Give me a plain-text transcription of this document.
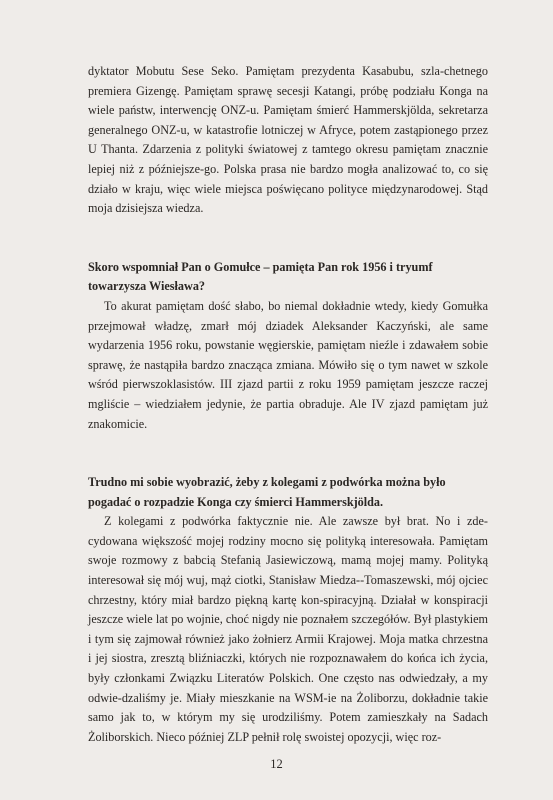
dyktator Mobutu Sese Seko. Pamiętam prezydenta Kasabubu, szla-chetnego premiera Gizengę. Pamiętam sprawę secesji Katangi, próbę podziału Konga na wiele państw, interwencję ONZ-u. Pamiętam śmierć Hammerskjölda, sekretarza generalnego ONZ-u, w katastrofie lotniczej w Afryce, potem zastąpionego przez U Thanta. Zdarzenia z polityki światowej z tamtego okresu pamiętam znacznie lepiej niż z późniejsze-go. Polska prasa nie bardzo mogła analizować to, co się działo w kraju, więc wiele miejsca poświęcano polityce międzynarodowej. Stąd moja dzisiejsza wiedza.

Skoro wspomniał Pan o Gomułce – pamięta Pan rok 1956 i tryumf towarzysza Wiesława?

To akurat pamiętam dość słabo, bo niemal dokładnie wtedy, kiedy Gomułka przejmował władzę, zmarł mój dziadek Aleksander Kaczyński, ale same wydarzenia 1956 roku, powstanie węgierskie, pamiętam nieźle i zdawałem sobie sprawę, że nastąpiła bardzo znacząca zmiana. Mówiło się o tym nawet w szkole wśród pierwszoklasistów. III zjazd partii z roku 1959 pamiętam jeszcze raczej mgliście – wiedziałem jedynie, że partia obraduje. Ale IV zjazd pamiętam już znakomicie.

Trudno mi sobie wyobrazić, żeby z kolegami z podwórka można było pogadać o rozpadzie Konga czy śmierci Hammerskjölda.

Z kolegami z podwórka faktycznie nie. Ale zawsze był brat. No i zde-cydowana większość mojej rodziny mocno się polityką interesowała. Pamiętam swoje rozmowy z babcią Stefanią Jasiewiczową, mamą mojej mamy. Polityką interesował się mój wuj, mąż ciotki, Stanisław Miedza--Tomaszewski, mój ojciec chrzestny, który miał bardzo piękną kartę kon-spiracyjną. Działał w konspiracji jeszcze wiele lat po wojnie, choć nigdy nie poznałem szczegółów. Był plastykiem i tym się zajmował również jako żołnierz Armii Krajowej. Moja matka chrzestna i jej siostra, zresztą bliźniaczki, których nie rozpoznawałem do końca ich życia, były członkami Związku Literatów Polskich. One często nas odwiedzały, a my odwie-dzaliśmy je. Miały mieszkanie na WSM-ie na Żoliborzu, dokładnie takie samo jak to, w którym my się urodziliśmy. Potem zamieszkały na Sadach Żoliborskich. Nieco później ZLP pełnił rolę swoistej opozycji, więc roz-

12
